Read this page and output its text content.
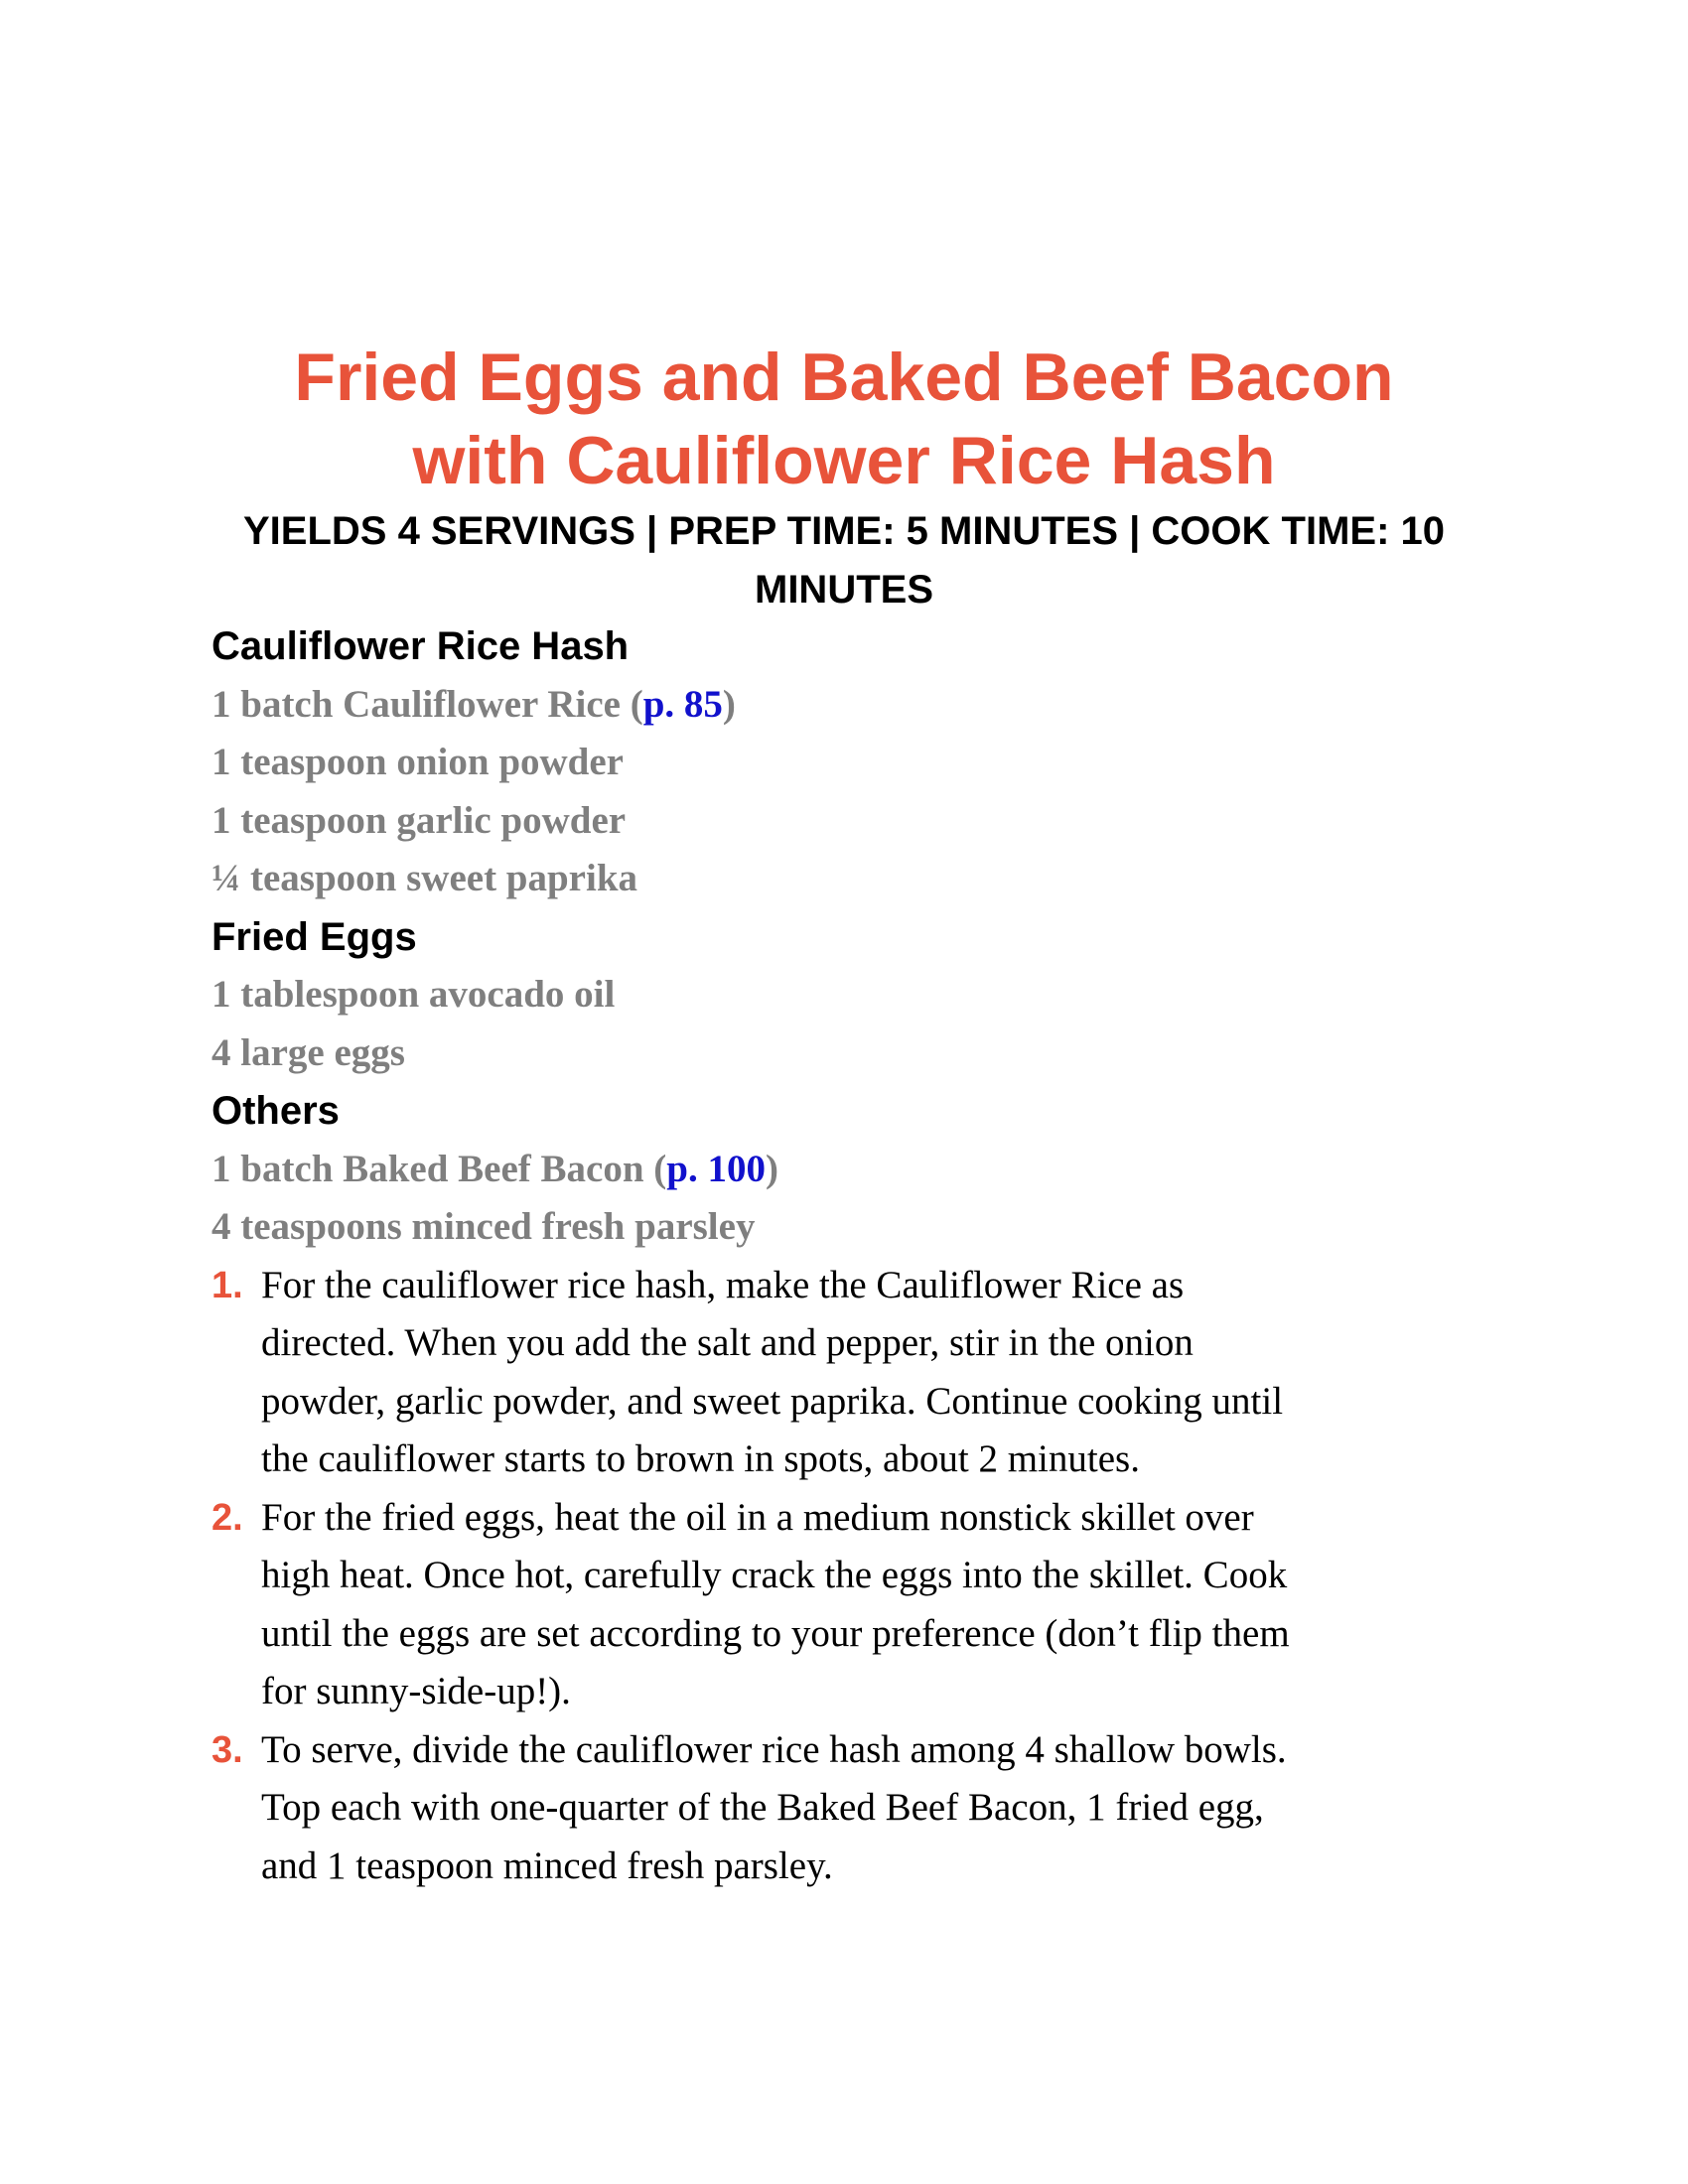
Fried Eggs and Baked Beef Bacon
with Cauliflower Rice Hash
YIELDS 4 SERVINGS | PREP TIME: 5 MINUTES | COOK TIME: 10
MINUTES
Cauliflower Rice Hash

1 batch Cauliflower Rice (p. 85)

1 teaspoon onion powder

1 teaspoon garlic powder

¼ teaspoon sweet paprika

Fried Eggs

1 tablespoon avocado oil

4 large eggs

Others

1 batch Baked Beef Bacon (p. 100)

4 teaspoons minced fresh parsley

1. For the cauliflower rice hash, make the Cauliflower Rice as
directed. When you add the salt and pepper, stir in the onion
powder, garlic powder, and sweet paprika. Continue cooking until
the cauliflower starts to brown in spots, about 2 minutes.
2. For the fried eggs, heat the oil in a medium nonstick skillet over
high heat. Once hot, carefully crack the eggs into the skillet. Cook
until the eggs are set according to your preference (don’t flip them
for sunny-side-up!).
3. To serve, divide the cauliflower rice hash among 4 shallow bowls.
Top each with one-quarter of the Baked Beef Bacon, 1 fried egg,
and 1 teaspoon minced fresh parsley.
